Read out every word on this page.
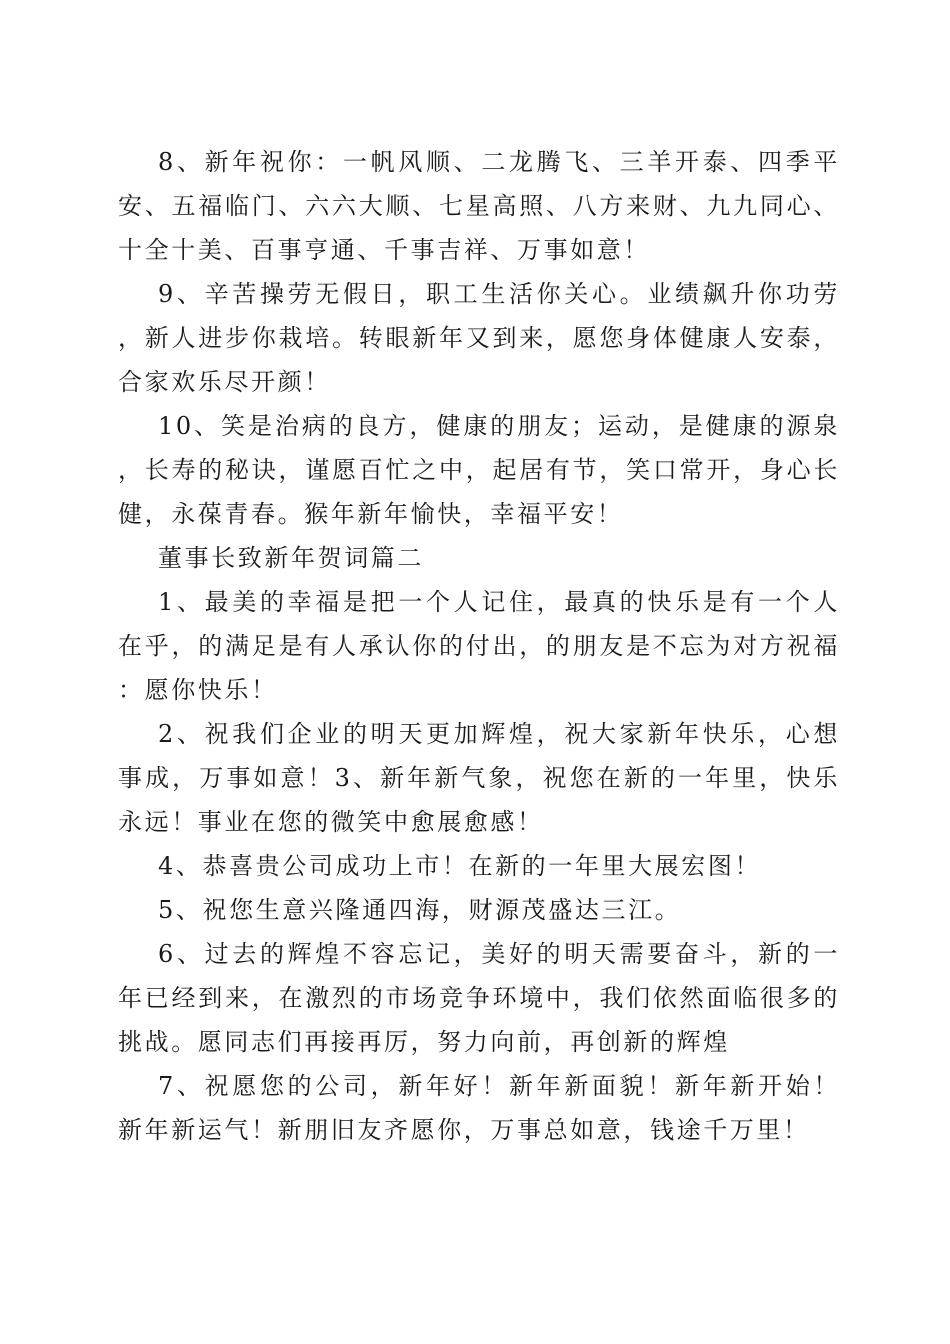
8、新年祝你：一帆风顺、二龙腾飞、三羊开泰、四季平安、五福临门、六六大顺、七星高照、八方来财、九九同心、十全十美、百事亨通、千事吉祥、万事如意！

9、辛苦操劳无假日，职工生活你关心。业绩飙升你功劳，新人进步你栽培。转眼新年又到来，愿您身体健康人安泰，合家欢乐尽开颜！

10、笑是治病的良方，健康的朋友；运动，是健康的源泉，长寿的秘诀，谨愿百忙之中，起居有节，笑口常开，身心长健，永葆青春。猴年新年愉快，幸福平安！

董事长致新年贺词篇二

1、最美的幸福是把一个人记住，最真的快乐是有一个人在乎，的满足是有人承认你的付出，的朋友是不忘为对方祝福：愿你快乐！

2、祝我们企业的明天更加辉煌，祝大家新年快乐，心想事成，万事如意！3、新年新气象，祝您在新的一年里，快乐永远！事业在您的微笑中愈展愈感！

4、恭喜贵公司成功上市！在新的一年里大展宏图！

5、祝您生意兴隆通四海，财源茂盛达三江。

6、过去的辉煌不容忘记，美好的明天需要奋斗，新的一年已经到来，在激烈的市场竞争环境中，我们依然面临很多的挑战。愿同志们再接再厉，努力向前，再创新的辉煌

7、祝愿您的公司，新年好！新年新面貌！新年新开始！新年新运气！新朋旧友齐愿你，万事总如意，钱途千万里！
